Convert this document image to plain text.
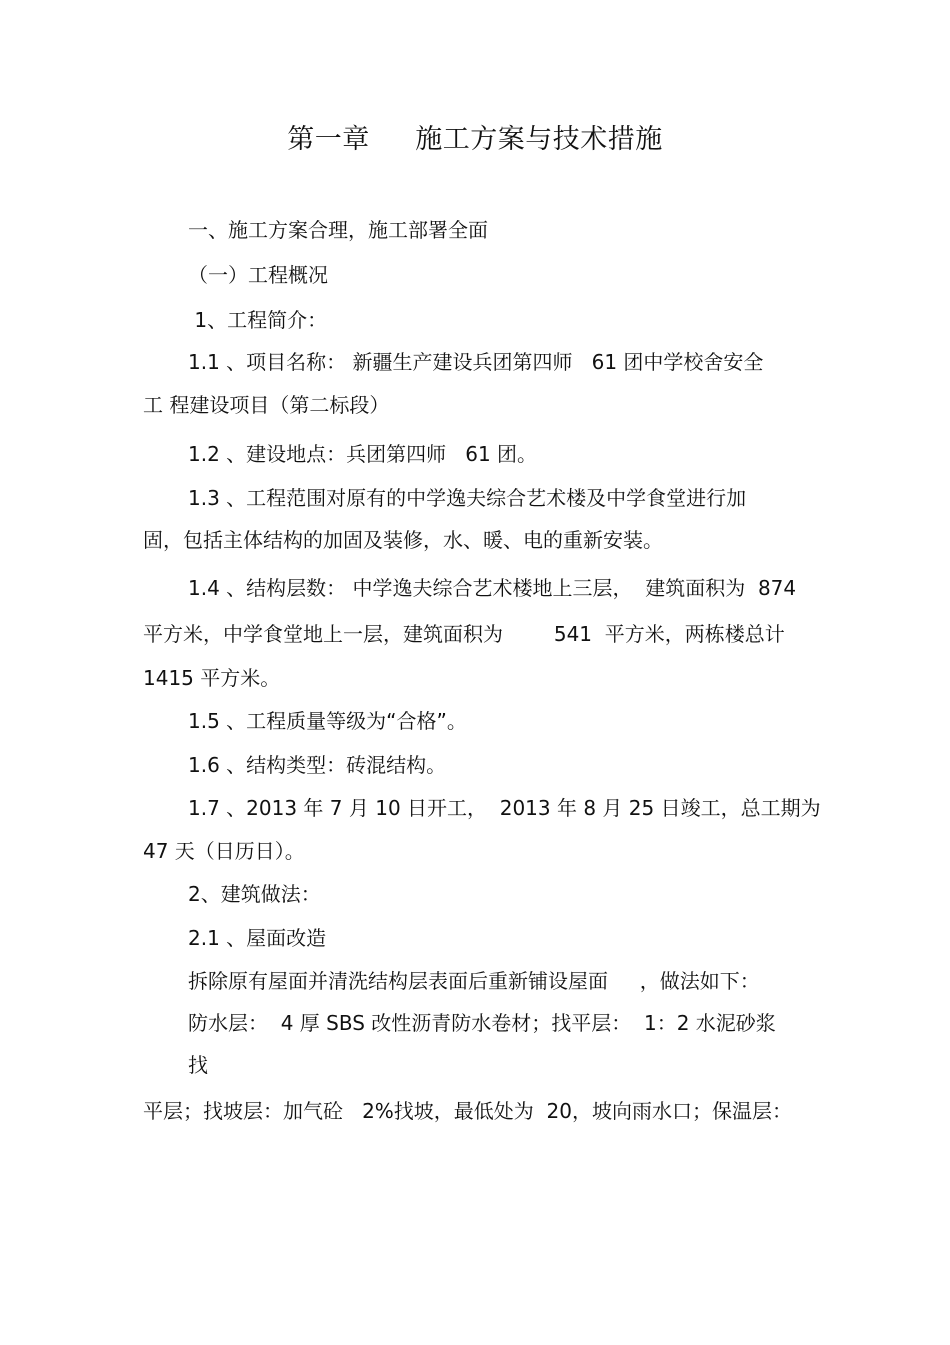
第一章     施工方案与技术措施
一、施工方案合理，施工部署全面
（一）工程概况
1、工程简介：
1.1 、项目名称： 新疆生产建设兵团第四师   61 团中学校舍安全
工 程建设项目（第二标段）
1.2 、建设地点：兵团第四师   61 团。
1.3 、工程范围对原有的中学逸夫综合艺术楼及中学食堂进行加
固，包括主体结构的加固及装修，水、暖、电的重新安装。
1.4 、结构层数： 中学逸夫综合艺术楼地上三层，  建筑面积为  874
平方米，中学食堂地上一层，建筑面积为        541  平方米，两栋楼总计
1415 平方米。
1.5 、工程质量等级为“合格”。
1.6 、结构类型：砖混结构。
1.7 、2013 年 7 月 10 日开工，  2013 年 8 月 25 日竣工，总工期为
47 天（日历日）。
2、建筑做法：
2.1 、屋面改造
拆除原有屋面并清洗结构层表面后重新铺设屋面     ，做法如下：
防水层：  4 厚 SBS 改性沥青防水卷材；找平层：  1：2 水泥砂浆
找
平层；找坡层：加气砼   2%找坡，最低处为  20，坡向雨水口；保温层：
